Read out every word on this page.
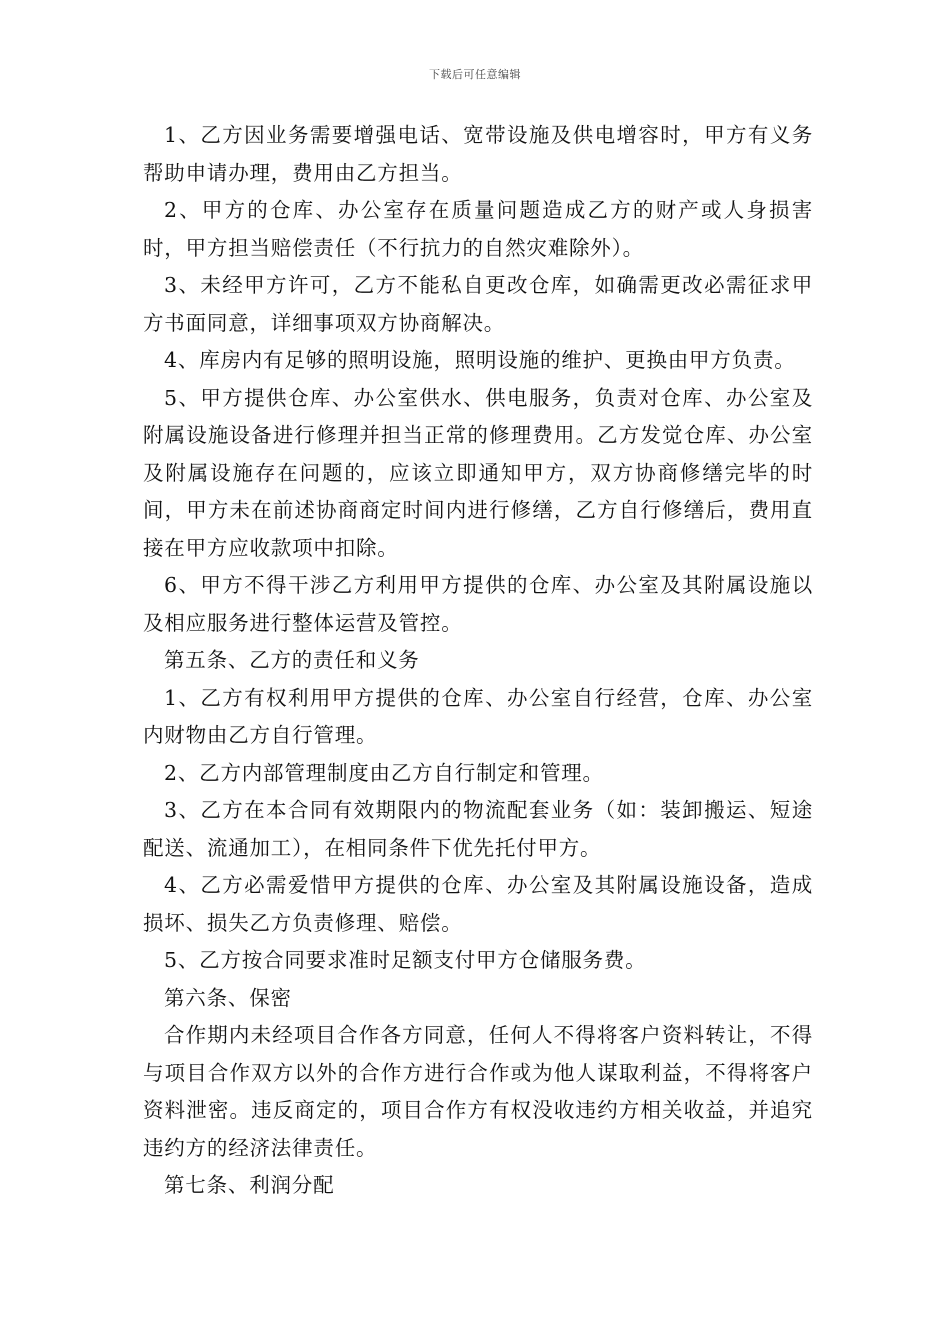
下载后可任意编辑

1、乙方因业务需要增强电话、宽带设施及供电增容时，甲方有义务帮助申请办理，费用由乙方担当。

2、甲方的仓库、办公室存在质量问题造成乙方的财产或人身损害时，甲方担当赔偿责任（不行抗力的自然灾难除外）。

3、未经甲方许可，乙方不能私自更改仓库，如确需更改必需征求甲方书面同意，详细事项双方协商解决。

4、库房内有足够的照明设施，照明设施的维护、更换由甲方负责。

5、甲方提供仓库、办公室供水、供电服务，负责对仓库、办公室及附属设施设备进行修理并担当正常的修理费用。乙方发觉仓库、办公室及附属设施存在问题的，应该立即通知甲方，双方协商修缮完毕的时间，甲方未在前述协商商定时间内进行修缮，乙方自行修缮后，费用直接在甲方应收款项中扣除。

6、甲方不得干涉乙方利用甲方提供的仓库、办公室及其附属设施以及相应服务进行整体运营及管控。

第五条、乙方的责任和义务

1、乙方有权利用甲方提供的仓库、办公室自行经营，仓库、办公室内财物由乙方自行管理。

2、乙方内部管理制度由乙方自行制定和管理。

3、乙方在本合同有效期限内的物流配套业务（如：装卸搬运、短途配送、流通加工），在相同条件下优先托付甲方。

4、乙方必需爱惜甲方提供的仓库、办公室及其附属设施设备，造成损坏、损失乙方负责修理、赔偿。

5、乙方按合同要求准时足额支付甲方仓储服务费。

第六条、保密

合作期内未经项目合作各方同意，任何人不得将客户资料转让，不得与项目合作双方以外的合作方进行合作或为他人谋取利益，不得将客户资料泄密。违反商定的，项目合作方有权没收违约方相关收益，并追究违约方的经济法律责任。

第七条、利润分配
